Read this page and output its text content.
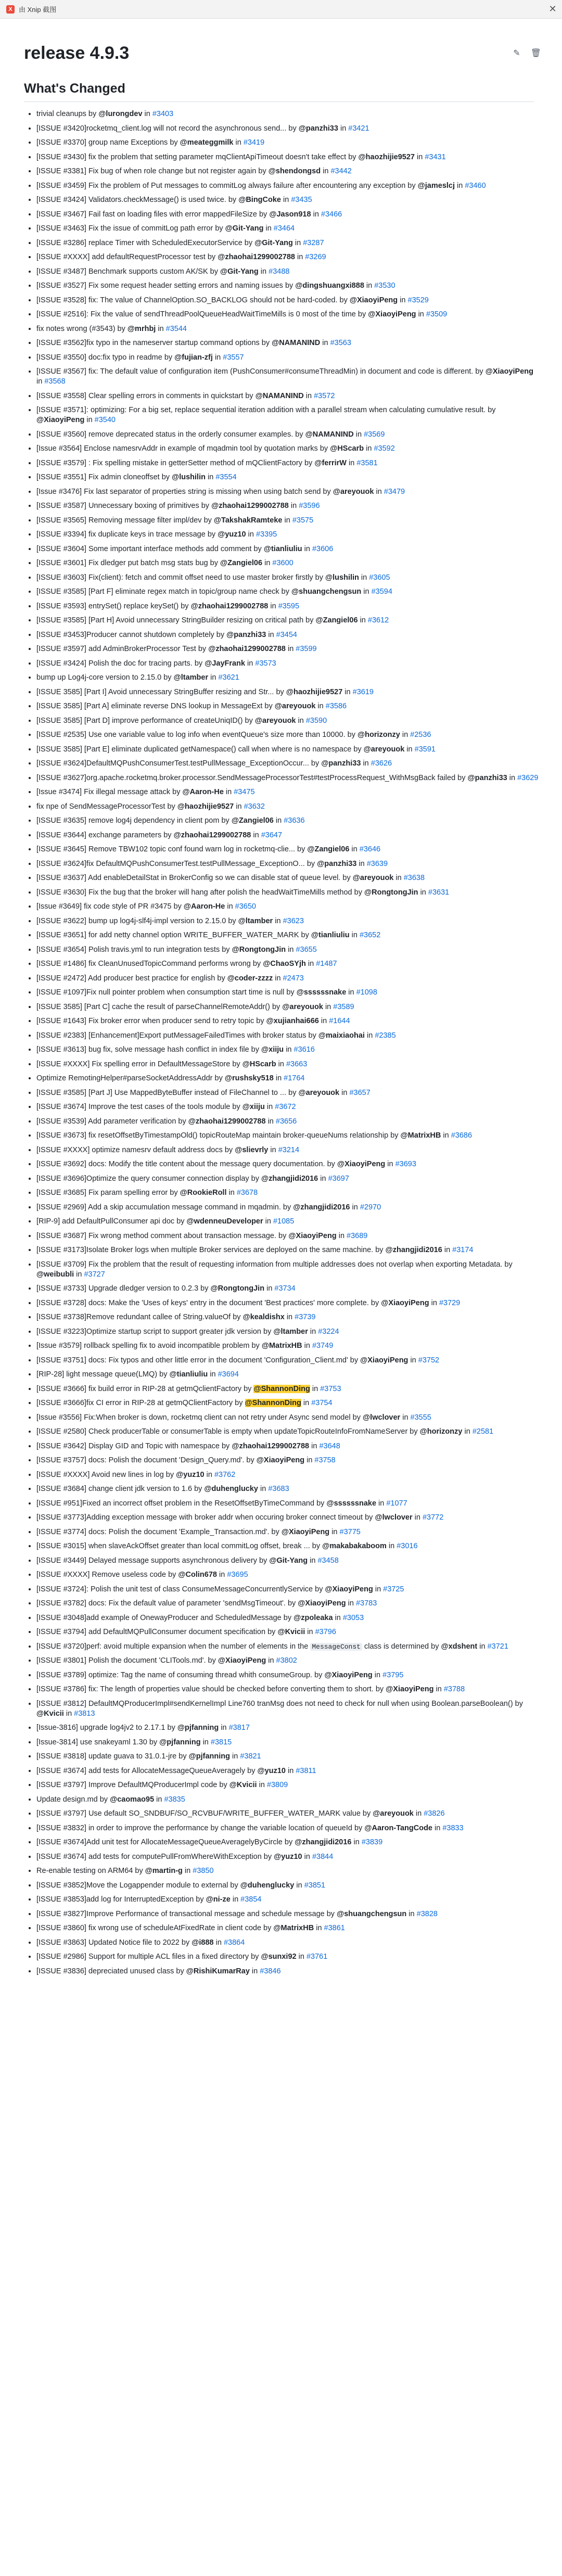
X 由 Xnip 截图	✕
release 4.9.3	✎ 🗑
What's Changed
• trivial cleanups by @lurongdev in #3403
• [ISSUE #3420]rocketmq_client.log will not record the asynchronous send... by @panzhi33 in #3421
• [ISSUE #3370] group name Exceptions by @meateggmilk in #3419
• [ISSUE #3430] fix the problem that setting parameter mqClientApiTimeout doesn't take effect by @haozhijie9527 in #3431
• [ISSUE #3381] Fix bug of when role change but not register again by @shendongsd in #3442
• [ISSUE #3459] Fix the problem of Put messages to commitLog always failure after encountering any exception by @jameslcj in #3460
• [ISSUE #3424] Validators.checkMessage() is used twice. by @BingCoke in #3435
• [ISSUE #3467] Fail fast on loading files with error mappedFileSize by @Jason918 in #3466
• [ISSUE #3463] Fix the issue of commitLog path error by @Git-Yang in #3464
• [ISSUE #3286] replace Timer with ScheduledExecutorService by @Git-Yang in #3287
• [ISSUE #XXXX] add defaultRequestProcessor test by @zhaohai1299002788 in #3269
• [ISSUE #3487] Benchmark supports custom AK/SK by @Git-Yang in #3488
• [ISSUE #3527] Fix some request header setting errors and naming issues by @dingshuangxi888 in #3530
• [ISSUE #3528] fix: The value of ChannelOption.SO_BACKLOG should not be hard-coded. by @XiaoyiPeng in #3529
• [ISSUE #2516]: Fix the value of sendThreadPoolQueueHeadWaitTimeMills is 0 most of the time by @XiaoyiPeng in #3509
• fix notes wrong (#3543) by @mrhbj in #3544
• [ISSUE #3562]fix typo in the nameserver startup command options by @NAMANIND in #3563
• [ISSUE #3550] doc:fix typo in readme by @fujian-zfj in #3557
• [ISSUE #3567] fix: The default value of configuration item (PushConsumer#consumeThreadMin) in document and code is different. by @XiaoyiPeng in #3568
• [ISSUE #3558] Clear spelling errors in comments in quickstart by @NAMANIND in #3572
• [ISSUE #3571]: optimizing: For a big set, replace sequential iteration addition with a parallel stream when calculating cumulative result. by @XiaoyiPeng in #3540
• [ISSUE #3560] remove deprecated status in the orderly consumer examples. by @NAMANIND in #3569
• [Issue #3564] Enclose namesrvAddr in example of mqadmin tool by quotation marks by @HScarb in #3592
• [ISSUE #3579] : Fix spelling mistake in getterSetter method of mQClientFactory by @ferrirW in #3581
• [ISSUE #3551] Fix admin cloneoffset by @lushilin in #3554
• [Issue #3476] Fix last separator of properties string is missing when using batch send by @areyouok in #3479
• [ISSUE #3587] Unnecessary boxing of primitives by @zhaohai1299002788 in #3596
• [ISSUE #3565] Removing message filter impl/dev by @TakshakRamteke in #3575
• [ISSUE #3394] fix duplicate keys in trace message by @yuz10 in #3395
• [ISSUE #3604] Some important interface methods add comment by @tianliuliu in #3606
• [ISSUE #3601] Fix dledger put batch msg stats bug by @Zangiel06 in #3600
• [ISSUE #3603] Fix(client): fetch and commit offset need to use master broker firstly by @lushilin in #3605
• [ISSUE #3585] [Part F] eliminate regex match in topic/group name check by @shuangchengsun in #3594
• [ISSUE #3593] entrySet() replace keySet() by @zhaohai1299002788 in #3595
• [ISSUE #3585] [Part H] Avoid unnecessary StringBuilder resizing on critical path by @Zangiel06 in #3612
• [ISSUE #3453]Producer cannot shutdown completely by @panzhi33 in #3454
• [ISSUE #3597] add AdminBrokerProcessor Test by @zhaohai1299002788 in #3599
• [ISSUE #3424] Polish the doc for tracing parts. by @JayFrank in #3573
• bump up Log4j-core version to 2.15.0 by @ltamber in #3621
• [ISSUE 3585] [Part I] Avoid unnecessary StringBuffer resizing and Str... by @haozhijie9527 in #3619
• [ISSUE 3585] [Part A] eliminate reverse DNS lookup in MessageExt by @areyouok in #3586
• [ISSUE 3585] [Part D] improve performance of createUniqID() by @areyouok in #3590
• [ISSUE #2535] Use one variable value to log info when eventQueue's size more than 10000. by @horizonzy in #2536
• [ISSUE 3585] [Part E] eliminate duplicated getNamespace() call when where is no namespace by @areyouok in #3591
• [ISSUE #3624]DefaultMQPushConsumerTest.testPullMessage_ExceptionOccur... by @panzhi33 in #3626
• [ISSUE #3627]org.apache.rocketmq.broker.processor.SendMessageProcessorTest#testProcessRequest_WithMsgBack failed by @panzhi33 in #3629
• [Issue #3474] Fix illegal message attack by @Aaron-He in #3475
• fix npe of SendMessageProcessorTest by @haozhijie9527 in #3632
• [ISSUE #3635] remove log4j dependency in client pom by @Zangiel06 in #3636
• [ISSUE #3644] exchange parameters by @zhaohai1299002788 in #3647
• [ISSUE #3645] Remove TBW102 topic conf found warn log in rocketmq-clie... by @Zangiel06 in #3646
• [ISSUE #3624]fix DefaultMQPushConsumerTest.testPullMessage_ExceptionO... by @panzhi33 in #3639
• [ISSUE #3637] Add enableDetailStat in BrokerConfig so we can disable stat of queue level. by @areyouok in #3638
• [ISSUE #3630] Fix the bug that the broker will hang after polish the headWaitTimeMills method by @RongtongJin in #3631
• [Issue #3649] fix code style of PR #3475 by @Aaron-He in #3650
• [ISSUE #3622] bump up log4j-slf4j-impl version to 2.15.0 by @ltamber in #3623
• [ISSUE #3651] for add netty channel option WRITE_BUFFER_WATER_MARK by @tianliuliu in #3652
• [ISSUE #3654] Polish travis.yml to run integration tests by @RongtongJin in #3655
• [ISSUE #1486] fix CleanUnusedTopicCommand performs wrong by @ChaoSYjh in #1487
• [ISSUE #2472] Add producer best practice for english by @coder-zzzz in #2473
• [ISSUE #1097]Fix null pointer problem when consumption start time is null by @ssssssnake in #1098
• [ISSUE 3585] [Part C] cache the result of parseChannelRemoteAddr() by @areyouok in #3589
• [ISSUE #1643] Fix broker error when producer send to retry topic by @xujianhai666 in #1644
• [ISSUE #2383] [Enhancement]Export putMessageFailedTimes with broker status by @maixiaohai in #2385
• [ISSUE #3613] bug fix, solve message hash conflict in index file by @xiiju in #3616
• [ISSUE #XXXX] Fix spelling error in DefaultMessageStore by @HScarb in #3663
• Optimize RemotingHelper#parseSocketAddressAddr by @rushsky518 in #1764
• [ISSUE #3585] [Part J] Use MappedByteBuffer instead of FileChannel to ... by @areyouok in #3657
• [ISSUE #3674] Improve the test cases of the tools module by @xiiju in #3672
• [ISSUE #3539] Add parameter verification by @zhaohai1299002788 in #3656
• [ISSUE #3673] fix resetOffsetByTimestampOld() topicRouteMap maintain broker-queueNums relationship by @MatrixHB in #3686
• [ISSUE #XXXX] optimize namesrv default address docs by @slievrly in #3214
• [ISSUE #3692] docs: Modify the title content about the message query documentation. by @XiaoyiPeng in #3693
• [ISSUE #3696]Optimize the query consumer connection display by @zhangjidi2016 in #3697
• [ISSUE #3685] Fix param spelling error by @RookieRoll in #3678
• [ISSUE #2969] Add a skip accumulation message command in mqadmin. by @zhangjidi2016 in #2970
• [RIP-9] add DefaultPullConsumer api doc by @wdenneuDeveloper in #1085
• [ISSUE #3687] Fix wrong method comment about transaction message. by @XiaoyiPeng in #3689
• [ISSUE #3173]Isolate Broker logs when multiple Broker services are deployed on the same machine. by @zhangjidi2016 in #3174
• [ISSUE #3709] Fix the problem that the result of requesting information from multiple addresses does not overlap when exporting Metadata. by @weibubli in #3727
• [ISSUE #3733] Upgrade dledger version to 0.2.3 by @RongtongJin in #3734
• [ISSUE #3728] docs: Make the 'Uses of keys' entry in the document 'Best practices' more complete. by @XiaoyiPeng in #3729
• [ISSUE #3738]Remove redundant callee of String.valueOf by @kealdishx in #3739
• [ISSUE #3223]Optimize startup script to support greater jdk version by @ltamber in #3224
• [Issue #3579] rollback spelling fix to avoid incompatible problem by @MatrixHB in #3749
• [ISSUE #3751] docs: Fix typos and other little error in the document 'Configuration_Client.md' by @XiaoyiPeng in #3752
• [RIP-28] light message queue(LMQ) by @tianliuliu in #3694
• [ISSUE #3666] fix build error in RIP-28 at getmQclientFactory by @ShannonDing in #3753
• [ISSUE #3666]fix CI error in RIP-28 at getmQClientFactory by @ShannonDing in #3754
• [Issue #3556] Fix:When broker is down, rocketmq client can not retry under Async send model by @lwclover in #3555
• [ISSUE #2580] Check producerTable or consumerTable is empty when updateTopicRouteInfoFromNameServer by @horizonzy in #2581
• [ISSUE #3642] Display GID and Topic with namespace by @zhaohai1299002788 in #3648
• [ISSUE #3757] docs: Polish the document 'Design_Query.md'. by @XiaoyiPeng in #3758
• [ISSUE #XXXX] Avoid new lines in log by @yuz10 in #3762
• [ISSUE #3684] change client jdk version to 1.6 by @duhenglucky in #3683
• [ISSUE #951]Fixed an incorrect offset problem in the ResetOffsetByTimeCommand by @ssssssnake in #1077
• [ISSUE #3773]Adding exception message with broker addr when occuring broker connect timeout by @lwclover in #3772
• [ISSUE #3774] docs: Polish the document 'Example_Transaction.md'. by @XiaoyiPeng in #3775
• [ISSUE #3015] when slaveAckOffset greater than local commitLog offset, break ... by @makabakaboom in #3016
• [ISSUE #3449] Delayed message supports asynchronous delivery by @Git-Yang in #3458
• [ISSUE #XXXX] Remove useless code by @Colin678 in #3695
• [ISSUE #3724]: Polish the unit test of class ConsumeMessageConcurrentlyService by @XiaoyiPeng in #3725
• [ISSUE #3782] docs: Fix the default value of parameter 'sendMsgTimeout'. by @XiaoyiPeng in #3783
• [ISSUE #3048]add example of OnewayProducer and ScheduledMessage by @zpoleaka in #3053
• [ISSUE #3794] add DefaultMQPullConsumer document specification by @Kvicii in #3796
• [ISSUE #3720]perf: avoid multiple expansion when the number of elements in the MessageConst class is determined by @xdshent in #3721
• [ISSUE #3801] Polish the document 'CLITools.md'. by @XiaoyiPeng in #3802
• [ISSUE #3789] optimize: Tag the name of consuming thread whith consumeGroup. by @XiaoyiPeng in #3795
• [ISSUE #3786] fix: The length of properties value should be checked before converting them to short. by @XiaoyiPeng in #3788
• [ISSUE #3812] DefaultMQProducerImpl#sendKernelImpl Line760 tranMsg does not need to check for null when using Boolean.parseBoolean() by @Kvicii in #3813
• [Issue-3816] upgrade log4jv2 to 2.17.1 by @pjfanning in #3817
• [Issue-3814] use snakeyaml 1.30 by @pjfanning in #3815
• [ISSUE #3818] update guava to 31.0.1-jre by @pjfanning in #3821
• [ISSUE #3674] add tests for AllocateMessageQueueAveragely by @yuz10 in #3811
• [ISSUE #3797] Improve DefaultMQProducerImpl code by @Kvicii in #3809
• Update design.md by @caomao95 in #3835
• [ISSUE #3797] Use default SO_SNDBUF/SO_RCVBUF/WRITE_BUFFER_WATER_MARK value by @areyouok in #3826
• [ISSUE #3832] in order to improve the performance by change the variable location of queueId by @Aaron-TangCode in #3833
• [ISSUE #3674]Add unit test for AllocateMessageQueueAveragelyByCircle by @zhangjidi2016 in #3839
• [ISSUE #3674] add tests for computePullFromWhereWithException by @yuz10 in #3844
• Re-enable testing on ARM64 by @martin-g in #3850
• [ISSUE #3852]Move the Logappender module to external by @duhenglucky in #3851
• [ISSUE #3853]add log for InterruptedException by @ni-ze in #3854
• [ISSUE #3827]Improve Performance of transactional message and schedule message by @shuangchengsun in #3828
• [ISSUE #3860] fix wrong use of scheduleAtFixedRate in client code by @MatrixHB in #3861
• [ISSUE #3863] Updated Notice file to 2022 by @i888 in #3864
• [ISSUE #2986] Support for multiple ACL files in a fixed directory by @sunxi92 in #3761
• [ISSUE #3836] depreciated unused class by @RishiKumarRay in #3846
